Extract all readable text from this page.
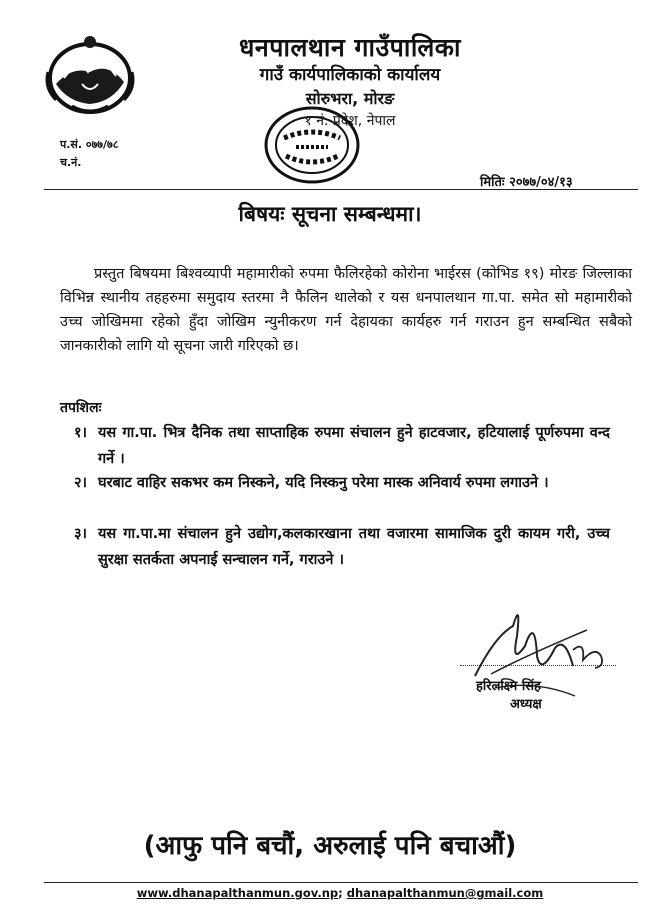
धनपालथान गाउँपालिका
गाउँ कार्यपालिकाको कार्यालय
सोरुभरा, मोरङ
१ नं. प्रदेश, नेपाल
प.सं. ०७७/७८
च.नं.
मितिः २०७७/०४/१३
बिषयः सूचना सम्बन्धमा।
प्रस्तुत बिषयमा बिश्वव्यापी महामारीको रुपमा फैलिरहेको कोरोना भाईरस (कोभिड १९) मोरङ जिल्लाका विभिन्न स्थानीय तहहरुमा समुदाय स्तरमा नै फैलिन थालेको र यस धनपालथान गा.पा. समेत सो महामारीको उच्च जोखिममा रहेको हुँदा जोखिम न्युनीकरण गर्न देहायका कार्यहरु गर्न गराउन हुन सम्बन्धित सबैको जानकारीको लागि यो सूचना जारी गरिएको छ।
तपशिलः
१। यस गा.पा. भित्र दैनिक तथा साप्ताहिक रुपमा संचालन हुने हाटवजार, हटियालाई पूर्णरुपमा वन्द गर्ने ।
२। घरबाट वाहिर सकभर कम निस्कने, यदि निस्कनु परेमा मास्क अनिवार्य रुपमा लगाउने ।
३। यस गा.पा.मा संचालन हुने उद्योग,कलकारखाना तथा वजारमा सामाजिक दुरी कायम गरी, उच्च सुरक्षा सतर्कता अपनाई सन्चालन गर्ने, गराउने ।
हरिलक्ष्मि सिंह
अध्यक्ष
(आफु पनि बचौं, अरुलाई पनि बचाऔं)
www.dhanapalthanmun.gov.np; dhanapalthanmun@gmail.com
